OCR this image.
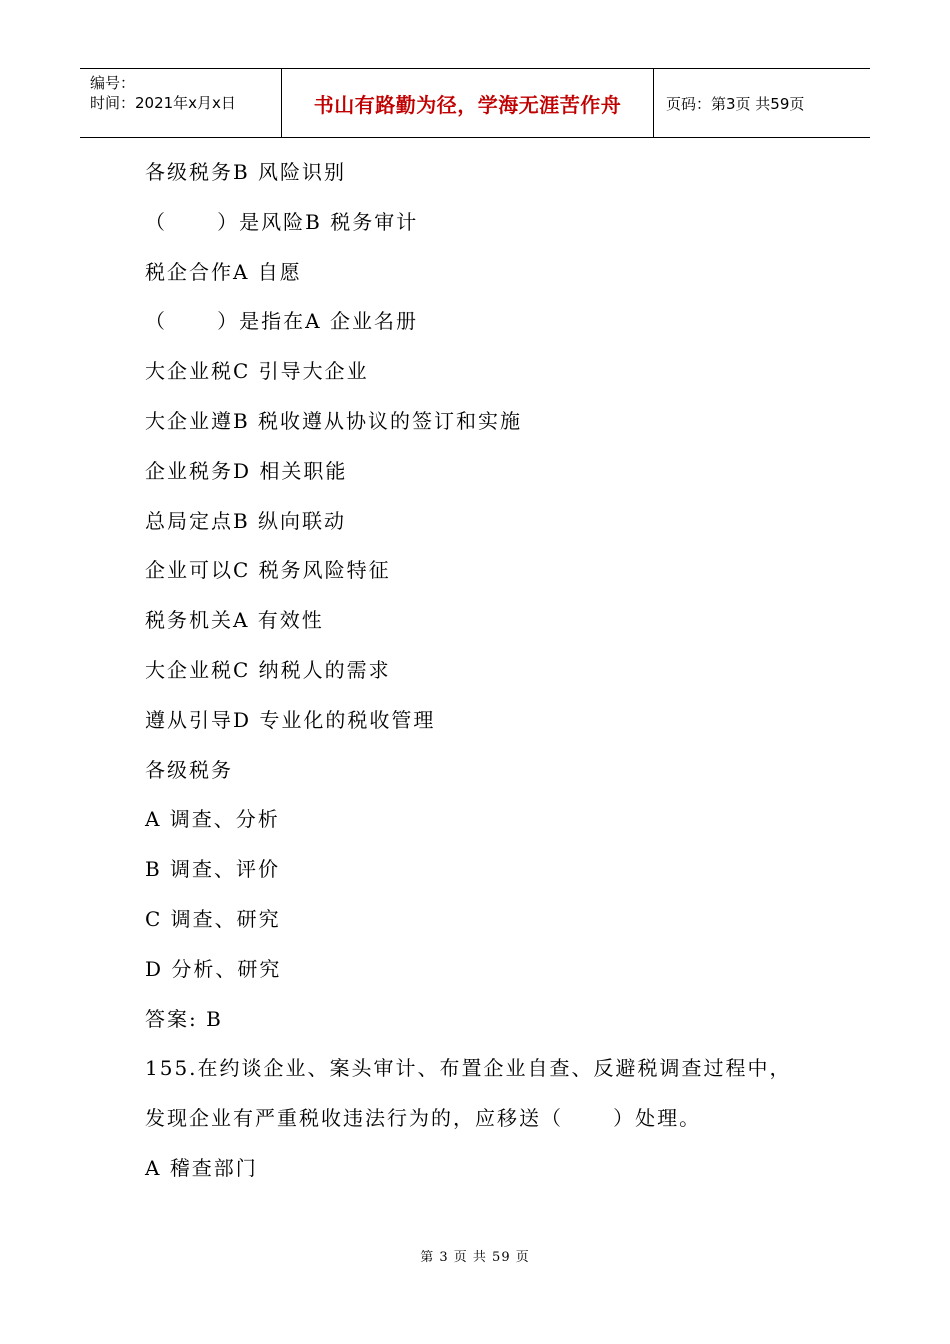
编号：
时间：2021年x月x日	书山有路勤为径，学海无涯苦作舟	页码：第3页 共59页
各级税务B 风险识别
（      ）是风险B 税务审计
税企合作A 自愿
（      ）是指在A 企业名册
大企业税C 引导大企业
大企业遵B 税收遵从协议的签订和实施
企业税务D 相关职能
总局定点B 纵向联动
企业可以C 税务风险特征
税务机关A 有效性
大企业税C 纳税人的需求
遵从引导D 专业化的税收管理
各级税务
A 调查、分析
B 调查、评价
C 调查、研究
D 分析、研究
答案: B
155.在约谈企业、案头审计、布置企业自查、反避税调查过程中，
发现企业有严重税收违法行为的，应移送（      ）处理。
A 稽查部门
第 3 页 共 59 页
